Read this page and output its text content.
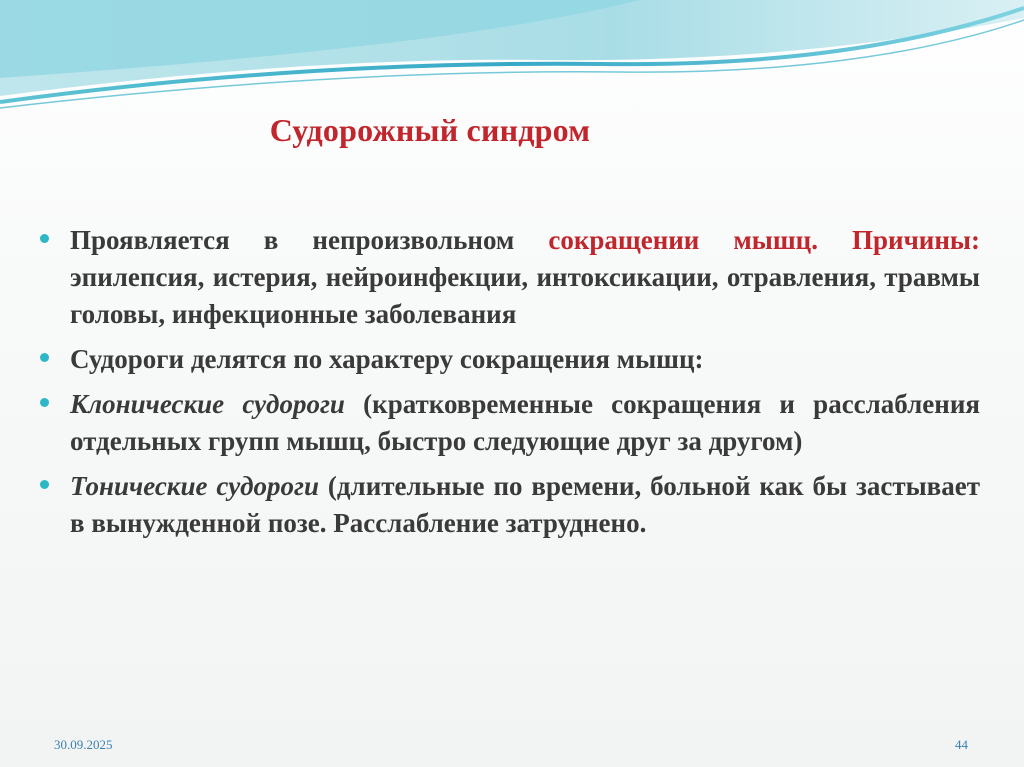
Судорожный синдром
Проявляется в непроизвольном сокращении мышц. Причины: эпилепсия, истерия, нейроинфекции, интоксикации, отравления, травмы головы, инфекционные заболевания
Судороги делятся по характеру сокращения мышц:
Клонические судороги (кратковременные сокращения и расслабления отдельных групп мышц, быстро следующие друг за другом)
Тонические судороги (длительные по времени, больной как бы застывает в вынужденной позе. Расслабление затруднено.
30.09.2025	44
